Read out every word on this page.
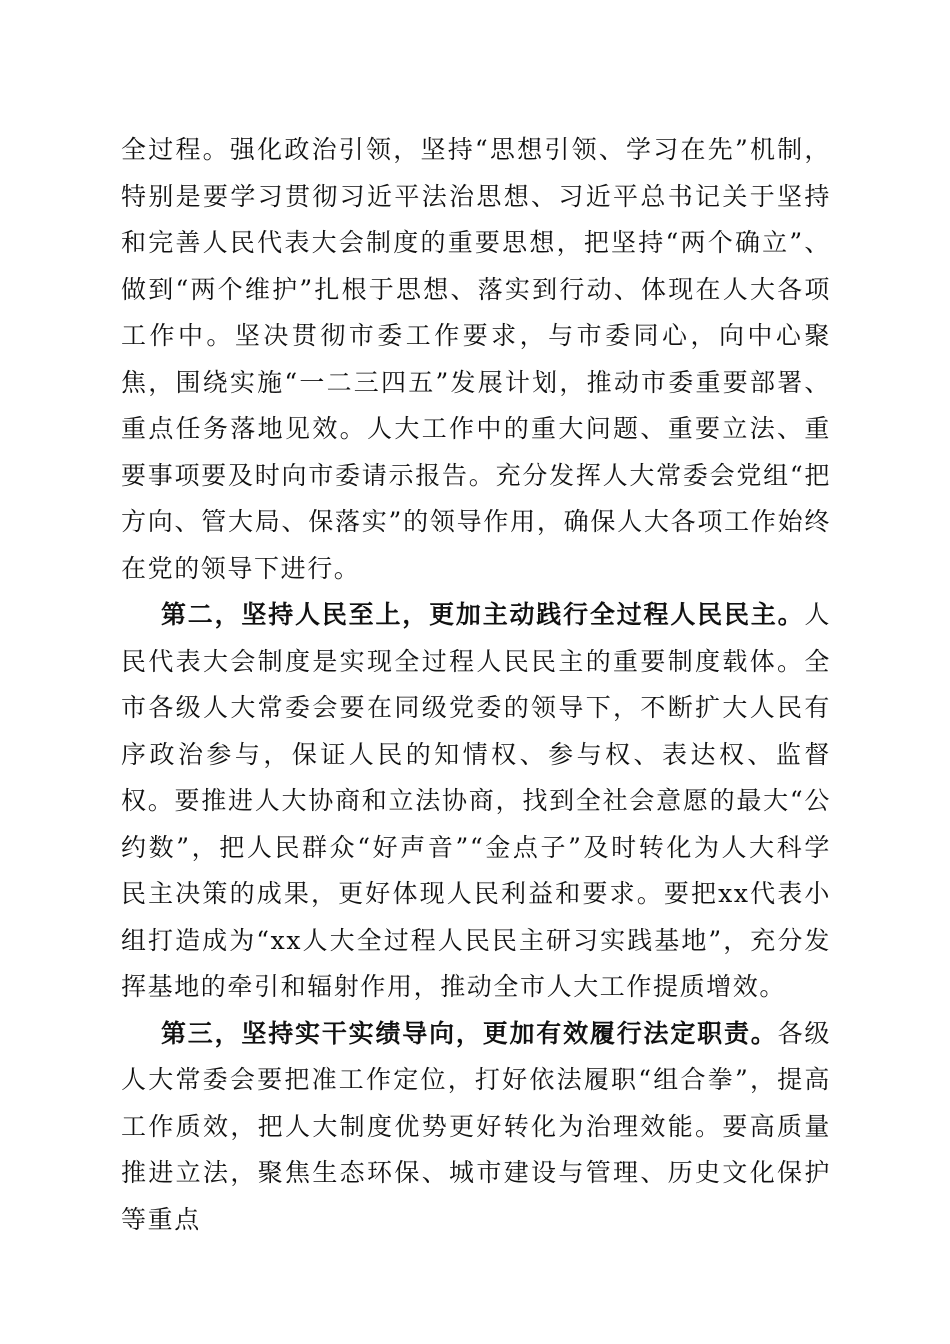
全过程。强化政治引领，坚持“思想引领、学习在先”机制，特别是要学习贯彻习近平法治思想、习近平总书记关于坚持和完善人民代表大会制度的重要思想，把坚持“两个确立”、做到“两个维护”扎根于思想、落实到行动、体现在人大各项工作中。坚决贯彻市委工作要求，与市委同心，向中心聚焦，围绕实施“一二三四五”发展计划，推动市委重要部署、重点任务落地见效。人大工作中的重大问题、重要立法、重要事项要及时向市委请示报告。充分发挥人大常委会党组“把方向、管大局、保落实”的领导作用，确保人大各项工作始终在党的领导下进行。

第二，坚持人民至上，更加主动践行全过程人民民主。人民代表大会制度是实现全过程人民民主的重要制度载体。全市各级人大常委会要在同级党委的领导下，不断扩大人民有序政治参与，保证人民的知情权、参与权、表达权、监督权。要推进人大协商和立法协商，找到全社会意愿的最大“公约数”，把人民群众“好声音”“金点子”及时转化为人大科学民主决策的成果，更好体现人民利益和要求。要把xx代表小组打造成为“xx人大全过程人民民主研习实践基地”，充分发挥基地的牵引和辐射作用，推动全市人大工作提质增效。

第三，坚持实干实绩导向，更加有效履行法定职责。各级人大常委会要把准工作定位，打好依法履职“组合拳”，提高工作质效，把人大制度优势更好转化为治理效能。要高质量推进立法，聚焦生态环保、城市建设与管理、历史文化保护等重点
